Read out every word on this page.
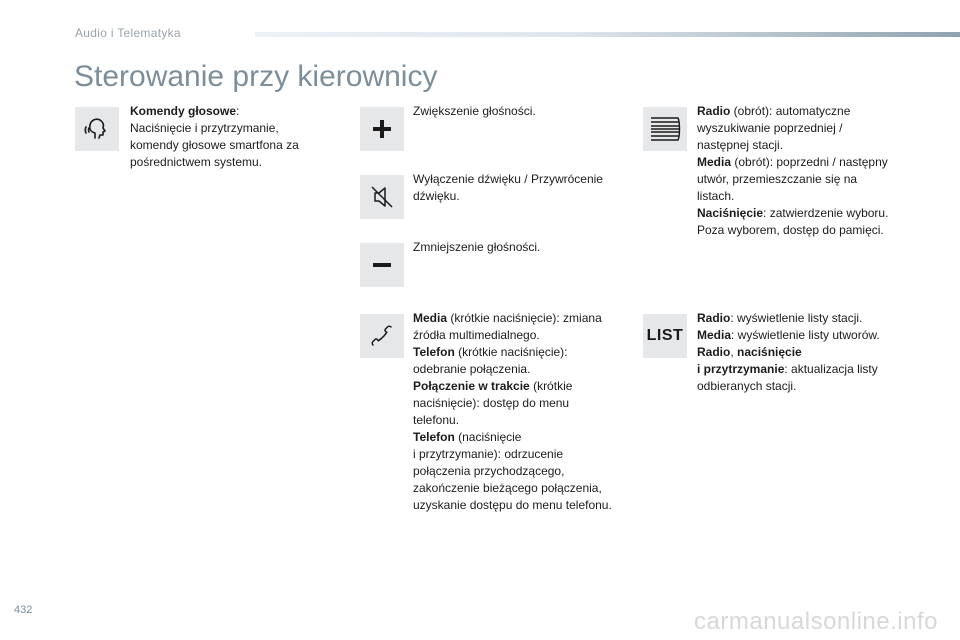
Audio i Telematyka
Sterowanie przy kierownicy
Komendy głosowe:
Naciśnięcie i przytrzymanie,
komendy głosowe smartfona za
pośrednictwem systemu.
Zwiększenie głośności.
Wyłączenie dźwięku / Przywrócenie
dźwięku.
Zmniejszenie głośności.
Media (krótkie naciśnięcie): zmiana
źródła multimedialnego.
Telefon (krótkie naciśnięcie):
odebranie połączenia.
Połączenie w trakcie (krótkie
naciśnięcie): dostęp do menu
telefonu.
Telefon (naciśnięcie
i przytrzymanie): odrzucenie
połączenia przychodzącego,
zakończenie bieżącego połączenia,
uzyskanie dostępu do menu telefonu.
Radio (obrót): automatyczne
wyszukiwanie poprzedniej /
następnej stacji.
Media (obrót): poprzedni / następny
utwór, przemieszczanie się na
listach.
Naciśnięcie: zatwierdzenie wyboru.
Poza wyborem, dostęp do pamięci.
LIST
Radio: wyświetlenie listy stacji.
Media: wyświetlenie listy utworów.
Radio, naciśnięcie
i przytrzymanie: aktualizacja listy
odbieranych stacji.
432	carmanualsonline.info
